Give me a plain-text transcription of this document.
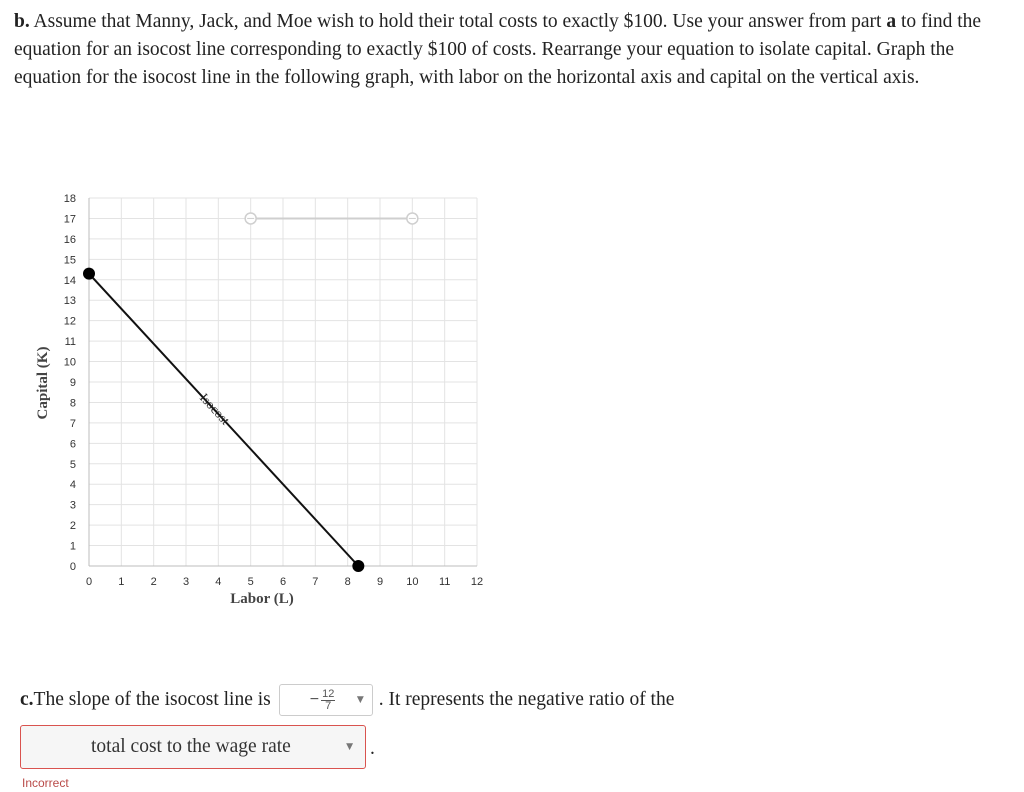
b. Assume that Manny, Jack, and Moe wish to hold their total costs to exactly $100. Use your answer from part a to find the equation for an isocost line corresponding to exactly $100 of costs. Rearrange your equation to isolate capital. Graph the equation for the isocost line in the following graph, with labor on the horizontal axis and capital on the vertical axis.

0 1 2 3 4 5 6 7 8 9 10 11 12
0
1
2
3
4
5
6
7
8
9
10
11
12
13
14
15
16
17
18
Isocost
Labor (L)
Capital (K)
c. The slope of the isocost line is − $\frac{12}{7}$ ▼ . It represents the negative ratio of the
total cost to the wage rate	▼ .
Incorrect
